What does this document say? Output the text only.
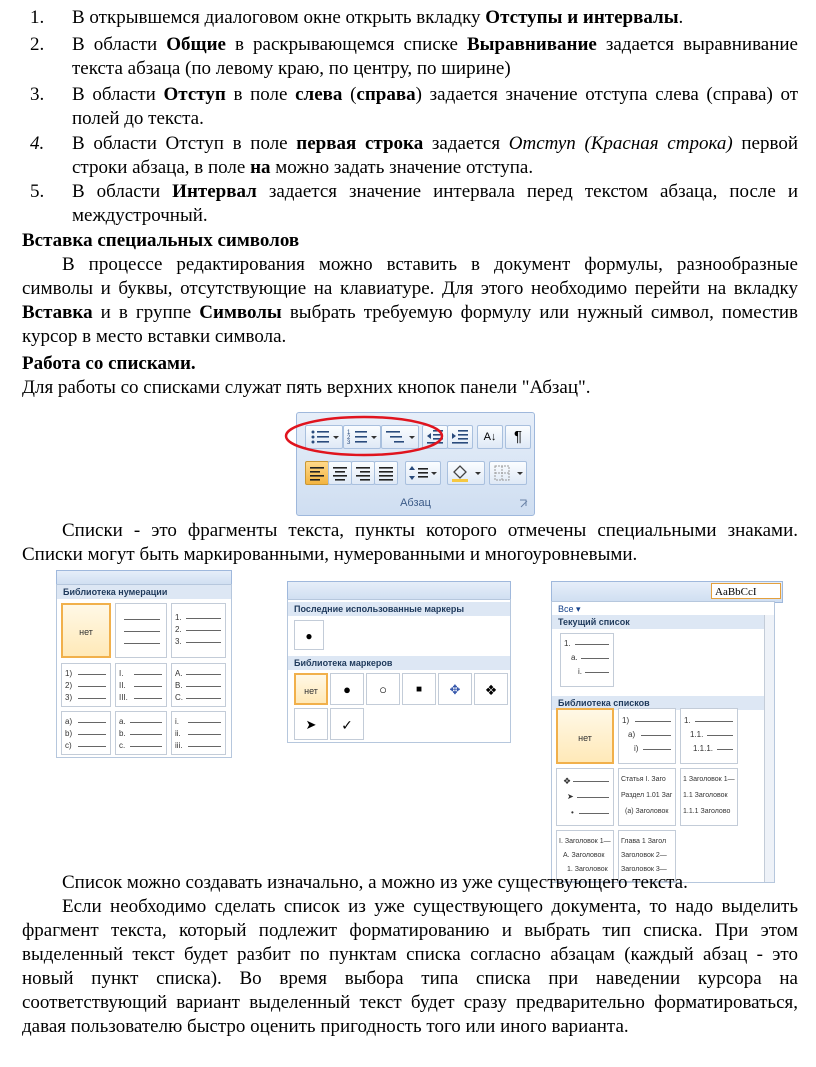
1.	В открывшемся диалоговом окне открыть вкладку Отступы и интервалы.
2.	В области Общие в раскрывающемся списке Выравнивание задается выравнивание текста абзаца (по левому краю, по центру, по ширине)
3.	В области Отступ в поле слева (справа) задается значение отступа слева (справа) от полей до текста.
4.	В области Отступ в поле первая строка задается Отступ (Красная строка) первой строки абзаца, в поле на можно задать значение отступа.
5.	В области Интервал задается значение интервала перед текстом абзаца, после и междустрочный.
Вставка специальных символов
В процессе редактирования можно вставить в документ формулы, разнообразные символы и буквы, отсутствующие на клавиатуре. Для этого необходимо перейти на вкладку Вставка и в группе Символы выбрать требуемую формулу или нужный символ, поместив курсор в место вставки символа.
Работа со списками.
Для работы со списками служат пять верхних кнопок панели "Абзац".
1
2
3	А↓	¶
Абзац
Списки - это фрагменты текста, пункты которого отмечены специальными знаками. Списки могут быть маркированными, нумерованными и многоуровневыми.
Библиотека нумерации
нет
1.
2.
3.
1)
2)
3)
I.
II.
III.
A.
B.
C.
a)
b)
c)
a.
b.
c.
i.
ii.
iii.
Последние использованные маркеры
●
Библиотека маркеров
нет	●	○	■	✥	❖
➤	✓
AaBbCcI
Все ▾
Текущий список
1.
a.
i.
Библиотека списков
нет
1)
a)
i)
1.
1.1.
1.1.1.
❖
➤
•
Статья I. Заго
Раздел 1.01 Заг
(a) Заголовок
1 Заголовок 1—
1.1 Заголовок
1.1.1 Заголово
I. Заголовок 1—
A. Заголовок
1. Заголовок
Глава 1 Загол
Заголовок 2—
Заголовок 3—
Список можно создавать изначально, а можно из уже существующего текста.
Если необходимо сделать список из уже существующего документа, то надо выделить фрагмент текста, который подлежит форматированию и выбрать тип списка. При этом выделенный текст будет разбит по пунктам списка согласно абзацам (каждый абзац - это новый пункт списка). Во время выбора типа списка при наведении курсора на соответствующий вариант выделенный текст будет сразу предварительно форматироваться, давая пользователю быстро оценить пригодность того или иного варианта.
